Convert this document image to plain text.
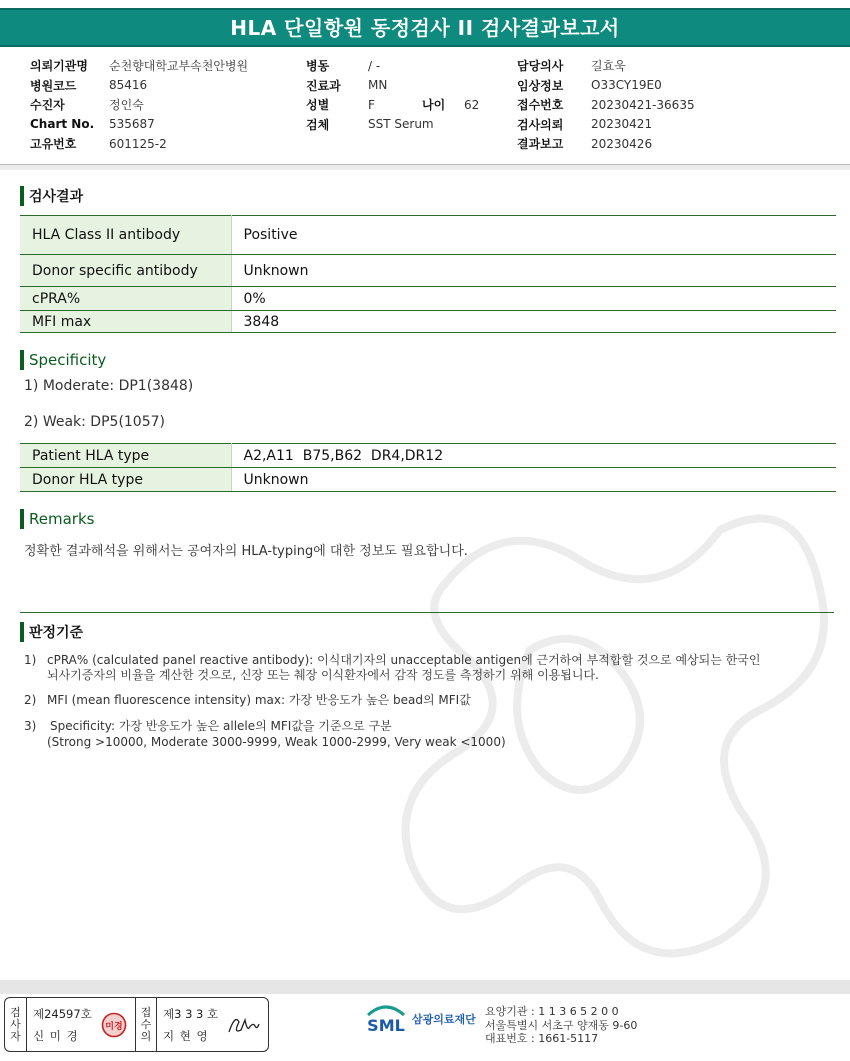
HLA 단일항원 동정검사 II 검사결과보고서
의뢰기관명	순천향대학교부속천안병원
병원코드	85416
수진자	정인숙
Chart No.	535687
고유번호	601125-2
병동	/ -
진료과	MN
성별	F	나이	62
검체	SST Serum
담당의사	길효욱
임상정보	O33CY19E0
접수번호	20230421-36635
검사의뢰	20230421
결과보고	20230426
검사결과
HLA Class II antibody	Positive
Donor specific antibody	Unknown
cPRA%	0%
MFI max	3848
Specificity
1) Moderate: DP1(3848)
2) Weak: DP5(1057)
Patient HLA type	A2,A11  B75,B62  DR4,DR12
Donor HLA type	Unknown
Remarks
정확한 결과해석을 위해서는 공여자의 HLA-typing에 대한 정보도 필요합니다.
판정기준
1) cPRA% (calculated panel reactive antibody): 이식대기자의 unacceptable antigen에 근거하여 부적합할 것으로 예상되는 한국인
뇌사기증자의 비율을 계산한 것으로, 신장 또는 췌장 이식환자에서 감작 정도를 측정하기 위해 이용됩니다.
2) MFI (mean fluorescence intensity) max: 가장 반응도가 높은 bead의 MFI값
3) Specificity: 가장 반응도가 높은 allele의 MFI값을 기준으로 구분
(Strong >10000, Moderate 3000-9999, Weak 1000-2999, Very weak <1000)
검
사
자
제24597호
신 미 경
미경
접
수
의
제3 3 3 호
지 현 영
SML 삼광의료재단
요양기관 : 1 1 3 6 5 2 0 0
서울특별시 서초구 양재동 9-60
대표번호 : 1661-5117
